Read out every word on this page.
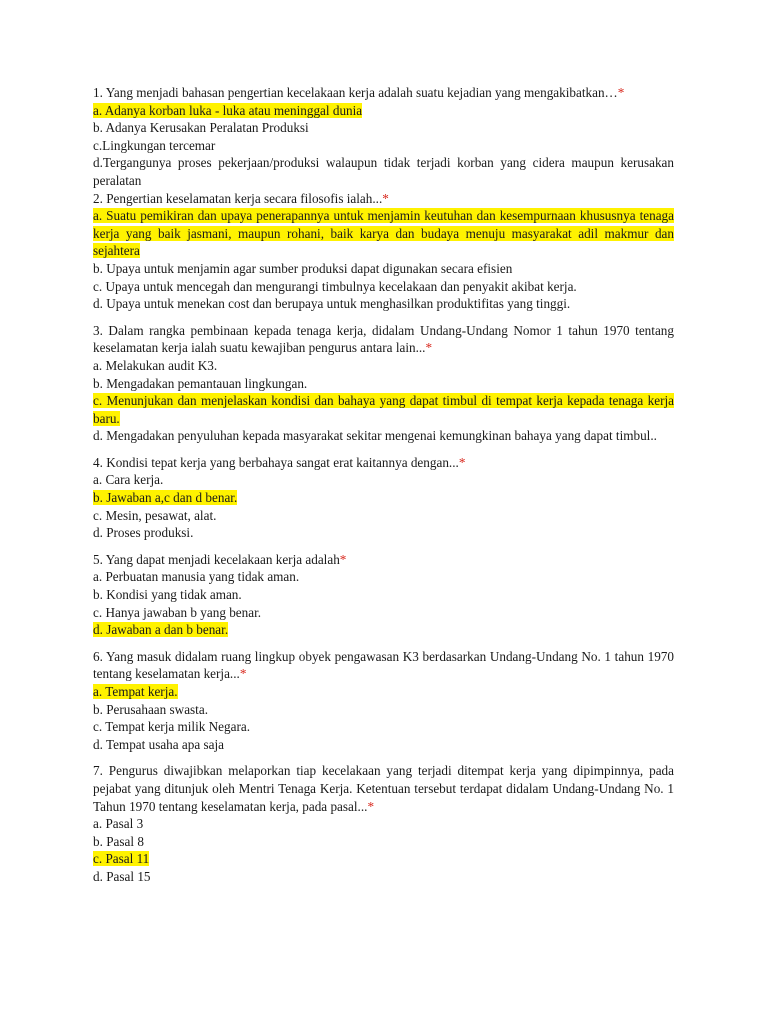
1. Yang menjadi bahasan pengertian kecelakaan kerja adalah suatu kejadian yang mengakibatkan…*

a. Adanya korban luka - luka atau meninggal dunia

b. Adanya Kerusakan Peralatan Produksi

c.Lingkungan tercemar

d.Tergangunya proses pekerjaan/produksi walaupun tidak terjadi korban yang cidera maupun kerusakan peralatan

2. Pengertian keselamatan kerja secara filosofis ialah...*

a. Suatu pemikiran dan upaya penerapannya untuk menjamin keutuhan dan kesempurnaan khususnya tenaga kerja yang baik jasmani, maupun rohani, baik karya dan budaya menuju masyarakat adil makmur dan sejahtera

b. Upaya untuk menjamin agar sumber produksi dapat digunakan secara efisien

c. Upaya untuk mencegah dan mengurangi timbulnya kecelakaan dan penyakit akibat kerja.

d. Upaya untuk menekan cost dan berupaya untuk menghasilkan produktifitas yang tinggi.

3. Dalam rangka pembinaan kepada tenaga kerja, didalam Undang-Undang Nomor 1 tahun 1970 tentang keselamatan kerja ialah suatu kewajiban pengurus antara lain...*

a. Melakukan audit K3.

b. Mengadakan pemantauan lingkungan.

c. Menunjukan dan menjelaskan kondisi dan bahaya yang dapat timbul di tempat kerja kepada tenaga kerja baru.

d. Mengadakan penyuluhan kepada masyarakat sekitar mengenai kemungkinan bahaya yang dapat timbul..

4. Kondisi tepat kerja yang berbahaya sangat erat kaitannya dengan...*

a. Cara kerja.

b. Jawaban a,c dan d benar.

c. Mesin, pesawat, alat.

d. Proses produksi.

5. Yang dapat menjadi kecelakaan kerja adalah*

a. Perbuatan manusia yang tidak aman.

b. Kondisi yang tidak aman.

c. Hanya jawaban b yang benar.

d. Jawaban a dan b benar.

6. Yang masuk didalam ruang lingkup obyek pengawasan K3 berdasarkan Undang-Undang No. 1 tahun 1970 tentang keselamatan kerja...*

a. Tempat kerja.

b. Perusahaan swasta.

c. Tempat kerja milik Negara.

d. Tempat usaha apa saja

7. Pengurus diwajibkan melaporkan tiap kecelakaan yang terjadi ditempat kerja yang dipimpinnya, pada pejabat yang ditunjuk oleh Mentri Tenaga Kerja. Ketentuan tersebut terdapat didalam Undang-Undang No. 1 Tahun 1970 tentang keselamatan kerja, pada pasal...*

a. Pasal 3

b. Pasal 8

c. Pasal 11

d. Pasal 15
